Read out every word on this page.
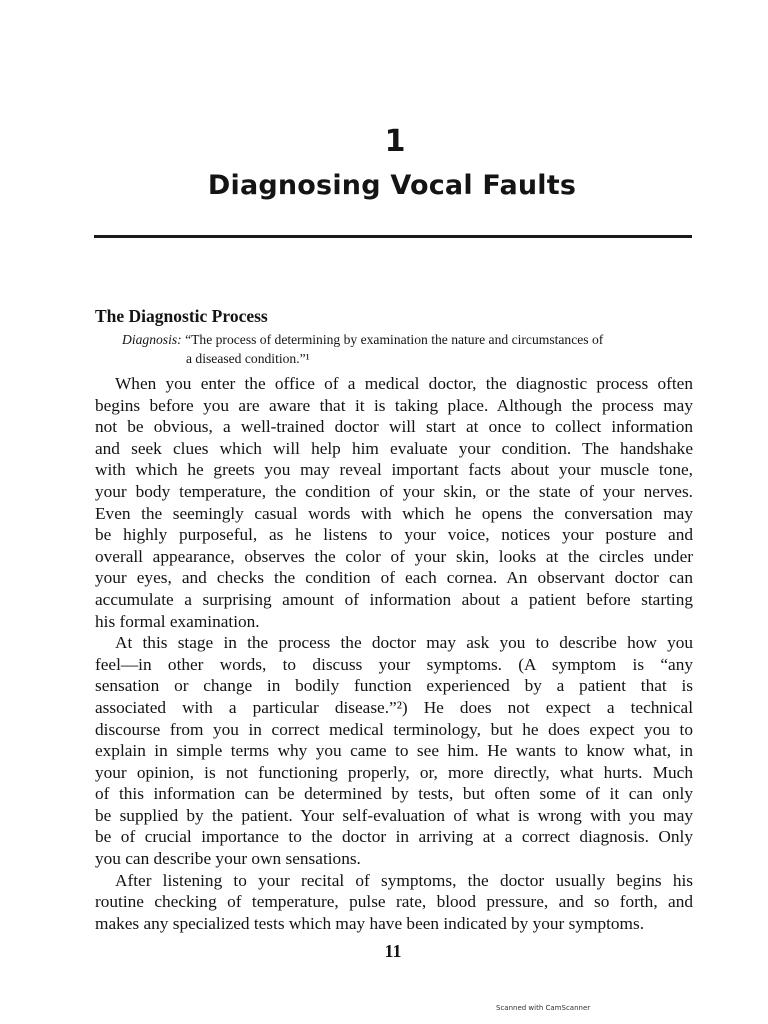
1
Diagnosing Vocal Faults
The Diagnostic Process
Diagnosis: “The process of determining by examination the nature and circumstances of
a diseased condition.”¹
When you enter the office of a medical doctor, the diagnostic process often
begins before you are aware that it is taking place. Although the process may
not be obvious, a well-trained doctor will start at once to collect information
and seek clues which will help him evaluate your condition. The handshake
with which he greets you may reveal important facts about your muscle tone,
your body temperature, the condition of your skin, or the state of your nerves.
Even the seemingly casual words with which he opens the conversation may
be highly purposeful, as he listens to your voice, notices your posture and
overall appearance, observes the color of your skin, looks at the circles under
your eyes, and checks the condition of each cornea. An observant doctor can
accumulate a surprising amount of information about a patient before starting
his formal examination.
At this stage in the process the doctor may ask you to describe how you
feel—in other words, to discuss your symptoms. (A symptom is “any
sensation or change in bodily function experienced by a patient that is
associated with a particular disease.”²) He does not expect a technical
discourse from you in correct medical terminology, but he does expect you to
explain in simple terms why you came to see him. He wants to know what, in
your opinion, is not functioning properly, or, more directly, what hurts. Much
of this information can be determined by tests, but often some of it can only
be supplied by the patient. Your self-evaluation of what is wrong with you may
be of crucial importance to the doctor in arriving at a correct diagnosis. Only
you can describe your own sensations.
After listening to your recital of symptoms, the doctor usually begins his
routine checking of temperature, pulse rate, blood pressure, and so forth, and
makes any specialized tests which may have been indicated by your symptoms.
11
Scanned with CamScanner
